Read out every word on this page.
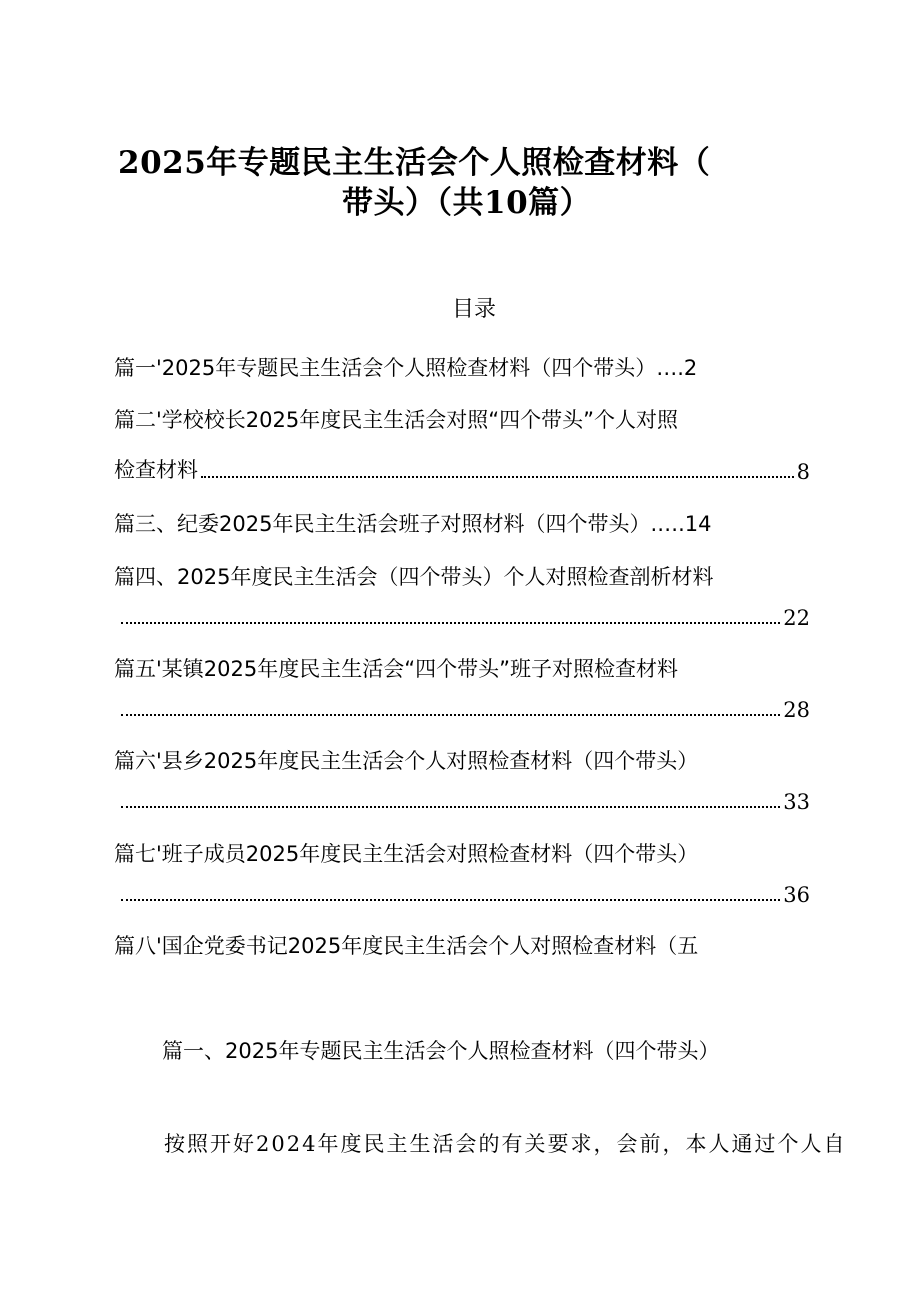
2025年专题民主生活会个人照检查材料（
带头）（共10篇）
目录
篇一'2025年专题民主生活会个人照检查材料（四个带头）….2
篇二'学校校长2025年度民主生活会对照“四个带头”个人对照
检查材料	8
篇三、纪委2025年民主生活会班子对照材料（四个带头）.….14
篇四、2025年度民主生活会（四个带头）个人对照检查剖析材料
22
篇五'某镇2025年度民主生活会“四个带头”班子对照检查材料
28
篇六'县乡2025年度民主生活会个人对照检查材料（四个带头）
33
篇七'班子成员2025年度民主生活会对照检查材料（四个带头）
36
篇八'国企党委书记2025年度民主生活会个人对照检查材料（五
篇一、2025年专题民主生活会个人照检查材料（四个带头）
按照开好2024年度民主生活会的有关要求，会前，本人通过个人自
